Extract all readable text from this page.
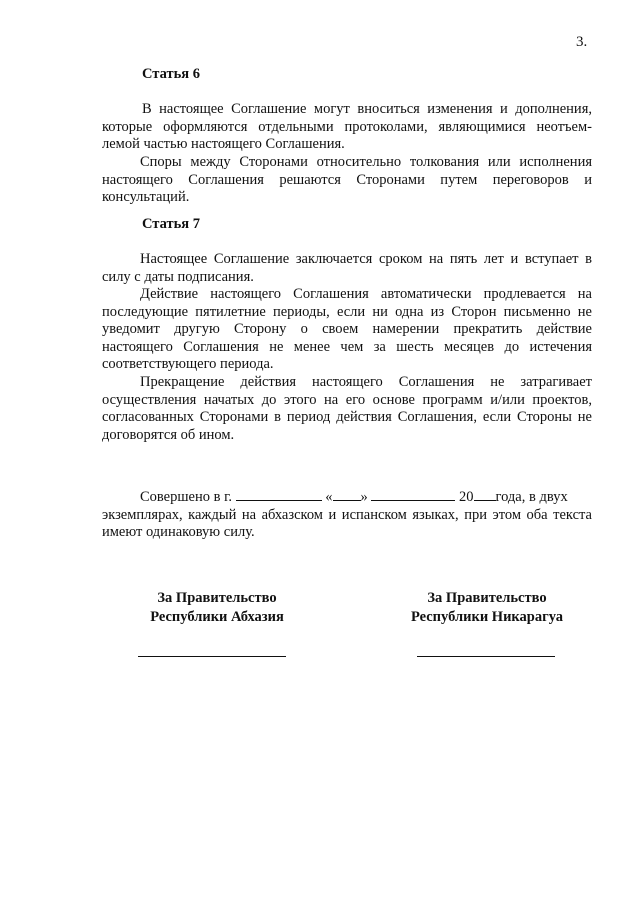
3.
Статья 6
В настоящее Соглашение могут вноситься изменения и дополнения, которые оформляются отдельными протоколами, являющимися неотъем-лемой частью настоящего Соглашения.
Споры между Сторонами относительно толкования или исполнения настоящего Соглашения решаются Сторонами путем переговоров и консультаций.
Статья 7
Настоящее Соглашение заключается сроком на пять лет и вступает в силу с даты подписания.
Действие настоящего Соглашения автоматически продлевается на последующие пятилетние периоды, если ни одна из Сторон письменно не уведомит другую Сторону о своем намерении прекратить действие настоящего Соглашения не менее чем за шесть месяцев до истечения соответствующего периода.
Прекращение действия настоящего Соглашения не затрагивает осуществления начатых до этого на его основе программ и/или проектов, согласованных Сторонами в период действия Соглашения, если Стороны не договорятся об ином.
Совершено в г.	« »	20 года, в двух
экземплярах, каждый на абхазском и испанском языках, при этом оба текста имеют одинаковую силу.
За Правительство
Республики Абхазия
За Правительство
Республики Никарагуа
